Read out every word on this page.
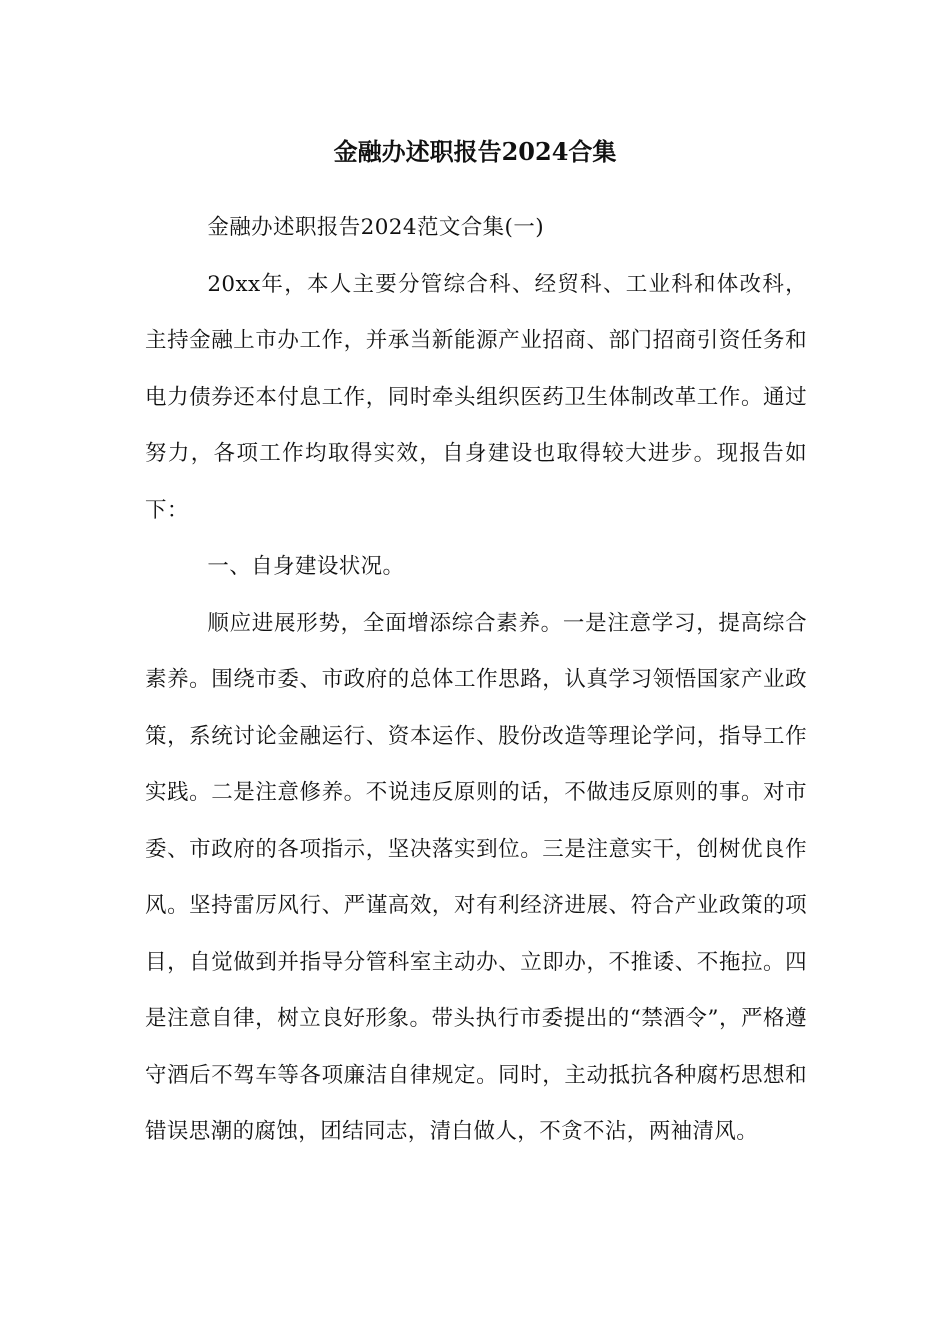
金融办述职报告2024合集

金融办述职报告2024范文合集(一)

20xx年，本人主要分管综合科、经贸科、工业科和体改科，主持金融上市办工作，并承当新能源产业招商、部门招商引资任务和电力债券还本付息工作，同时牵头组织医药卫生体制改革工作。通过努力，各项工作均取得实效，自身建设也取得较大进步。现报告如下：

一、自身建设状况。

顺应进展形势，全面增添综合素养。一是注意学习，提高综合素养。围绕市委、市政府的总体工作思路，认真学习领悟国家产业政策，系统讨论金融运行、资本运作、股份改造等理论学问，指导工作实践。二是注意修养。不说违反原则的话，不做违反原则的事。对市委、市政府的各项指示，坚决落实到位。三是注意实干，创树优良作风。坚持雷厉风行、严谨高效，对有利经济进展、符合产业政策的项目，自觉做到并指导分管科室主动办、立即办，不推诿、不拖拉。四是注意自律，树立良好形象。带头执行市委提出的“禁酒令”，严格遵守酒后不驾车等各项廉洁自律规定。同时，主动抵抗各种腐朽思想和错误思潮的腐蚀，团结同志，清白做人，不贪不沾，两袖清风。
